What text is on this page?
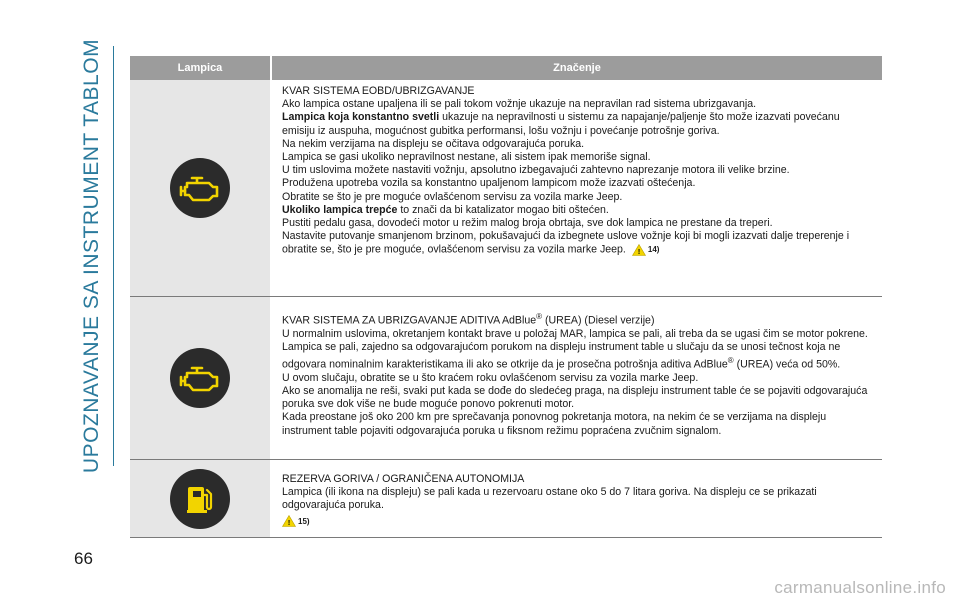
UPOZNAVANJE SA INSTRUMENT TABLOM	Lampica	Značenje

KVAR SISTEMA EOBD/UBRIZGAVANJE

Ako lampica ostane upaljena ili se pali tokom vožnje ukazuje na nepravilan rad sistema ubrizgavanja.

Lampica koja konstantno svetli ukazuje na nepravilnosti u sistemu za napajanje/paljenje što može izazvati povećanu emisiju iz auspuha, mogućnost gubitka performansi, lošu vožnju i povećanje potrošnje goriva.

Na nekim verzijama na displeju se očitava odgovarajuća poruka.

Lampica se gasi ukoliko nepravilnost nestane, ali sistem ipak memoriše signal.

U tim uslovima možete nastaviti vožnju, apsolutno izbegavajući zahtevno naprezanje motora ili velike brzine.

Produžena upotreba vozila sa konstantno upaljenom lampicom može izazvati oštećenja.

Obratite se što je pre moguće ovlašćenom servisu za vozila marke Jeep.

Ukoliko lampica trepće to znači da bi katalizator mogao biti oštećen.

Pustiti pedalu gasa, dovodeći motor u režim malog broja obrtaja, sve dok lampica ne prestane da treperi.

Nastavite putovanje smanjenom brzinom, pokušavajući da izbegnete uslove vožnje koji bi mogli izazvati dalje treperenje i obratite se, što je pre moguće, ovlašćenom servisu za vozila marke Jeep. ! 14)

KVAR SISTEMA ZA UBRIZGAVANJE ADITIVA AdBlue® (UREA) (Diesel verzije)

U normalnim uslovima, okretanjem kontakt brave u položaj MAR, lampica se pali, ali treba da se ugasi čim se motor pokrene.

Lampica se pali, zajedno sa odgovarajućom porukom na displeju instrument table u slučaju da se unosi tečnost koja ne odgovara nominalnim karakteristikama ili ako se otkrije da je prosečna potrošnja aditiva AdBlue® (UREA) veća od 50%.

U ovom slučaju, obratite se u što kraćem roku ovlašćenom servisu za vozila marke Jeep.

Ako se anomalija ne reši, svaki put kada se dođe do sledećeg praga, na displeju instrument table će se pojaviti odgovarajuća poruka sve dok više ne bude moguće ponovo pokrenuti motor.

Kada preostane još oko 200 km pre sprečavanja ponovnog pokretanja motora, na nekim će se verzijama na displeju instrument table pojaviti odgovarajuća poruka u fiksnom režimu popraćena zvučnim signalom.

REZERVA GORIVA / OGRANIČENA AUTONOMIJA

Lampica (ili ikona na displeju) se pali kada u rezervoaru ostane oko 5 do 7 litara goriva. Na displeju ce se prikazati odgovarajuća poruka.

! 15)

66
carmanualsonline.info
